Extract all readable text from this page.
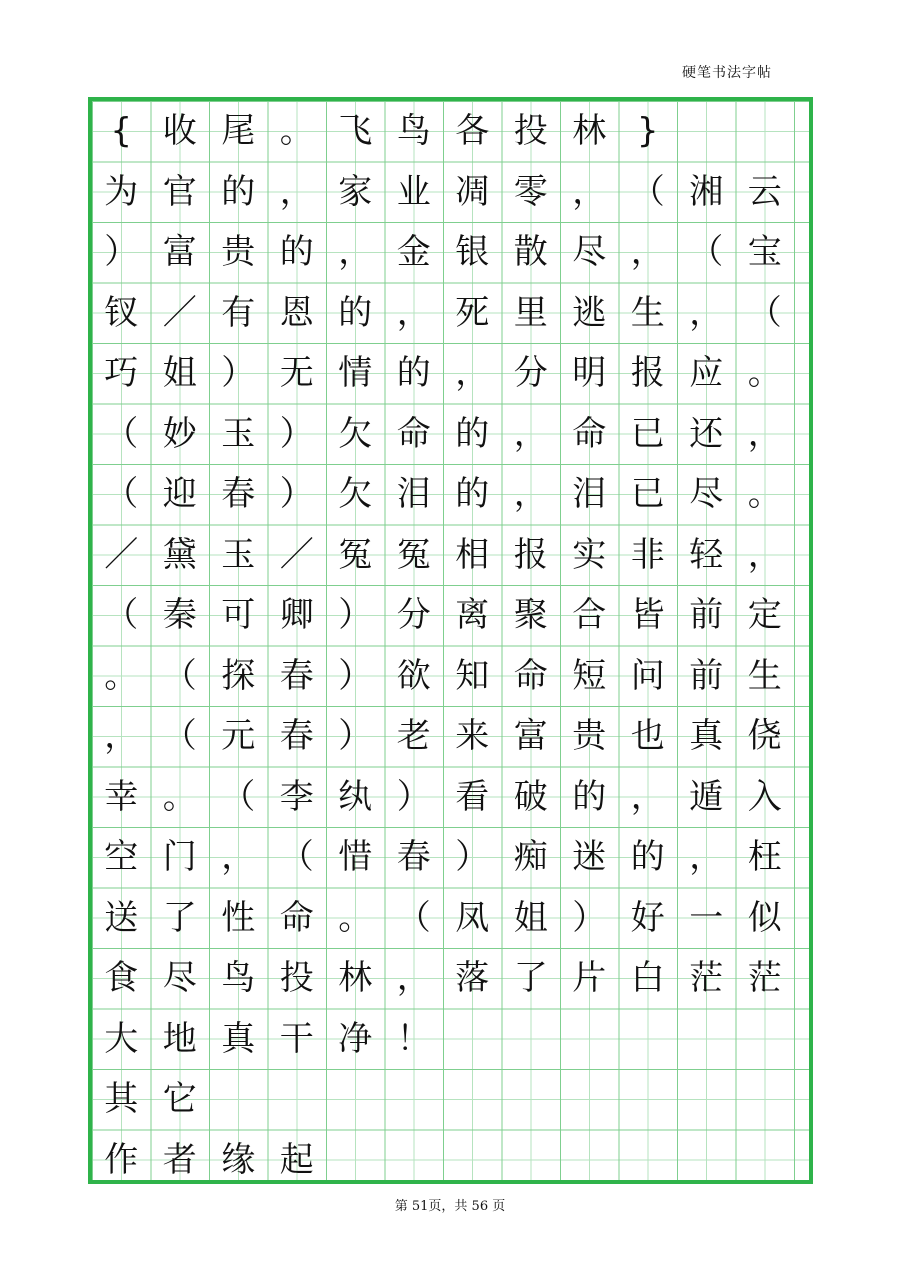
硬笔书法字帖
{ 收 尾 。 飞 鸟 各 投 林 }
为 官 的 ， 家 业 凋 零 ， （ 湘 云
） 富 贵 的 ， 金 银 散 尽 ， （ 宝
钗 ／ 有 恩 的 ， 死 里 逃 生 ， （
巧 姐 ） 无 情 的 ， 分 明 报 应 。
（ 妙 玉 ） 欠 命 的 ， 命 已 还 ，
（ 迎 春 ） 欠 泪 的 ， 泪 已 尽 。
／ 黛 玉 ／ 冤 冤 相 报 实 非 轻 ，
（ 秦 可 卿 ） 分 离 聚 合 皆 前 定
。 （ 探 春 ） 欲 知 命 短 问 前 生
， （ 元 春 ） 老 来 富 贵 也 真 侥
幸 。 （ 李 纨 ） 看 破 的 ， 遁 入
空 门 ， （ 惜 春 ） 痴 迷 的 ， 枉
送 了 性 命 。 （ 凤 姐 ） 好 一 似
食 尽 鸟 投 林 ， 落 了 片 白 茫 茫
大 地 真 干 净 ！
其 它
作 者 缘 起
第 51页，共 56 页
